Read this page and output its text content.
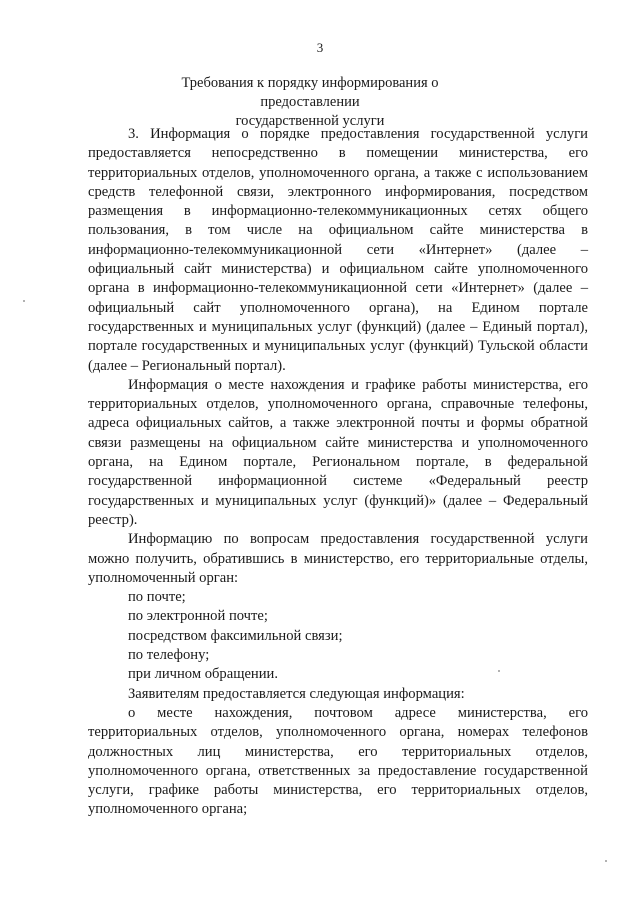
3
Требования к порядку информирования о предоставлении
государственной услуги

3. Информация о порядке предоставления государственной услуги предоставляется непосредственно в помещении министерства, его территориальных отделов, уполномоченного органа, а также с использованием средств телефонной связи, электронного информирования, посредством размещения в информационно-телекоммуникационных сетях общего пользования, в том числе на официальном сайте министерства в информационно-телекоммуникационной сети «Интернет» (далее – официальный сайт министерства) и официальном сайте уполномоченного органа в информационно-телекоммуникационной сети «Интернет» (далее – официальный сайт уполномоченного органа), на Едином портале государственных и муниципальных услуг (функций) (далее – Единый портал), портале государственных и муниципальных услуг (функций) Тульской области (далее – Региональный портал).

Информация о месте нахождения и графике работы министерства, его территориальных отделов, уполномоченного органа, справочные телефоны, адреса официальных сайтов, а также электронной почты и формы обратной связи размещены на официальном сайте министерства и уполномоченного органа, на Едином портале, Региональном портале, в федеральной государственной информационной системе «Федеральный реестр государственных и муниципальных услуг (функций)» (далее – Федеральный реестр).

Информацию по вопросам предоставления государственной услуги можно получить, обратившись в министерство, его территориальные отделы, уполномоченный орган:

по почте;

по электронной почте;

посредством факсимильной связи;

по телефону;

при личном обращении.

Заявителям предоставляется следующая информация:

о месте нахождения, почтовом адресе министерства, его территориальных отделов, уполномоченного органа, номерах телефонов должностных лиц министерства, его территориальных отделов, уполномоченного органа, ответственных за предоставление государственной услуги, графике работы министерства, его территориальных отделов, уполномоченного органа;
